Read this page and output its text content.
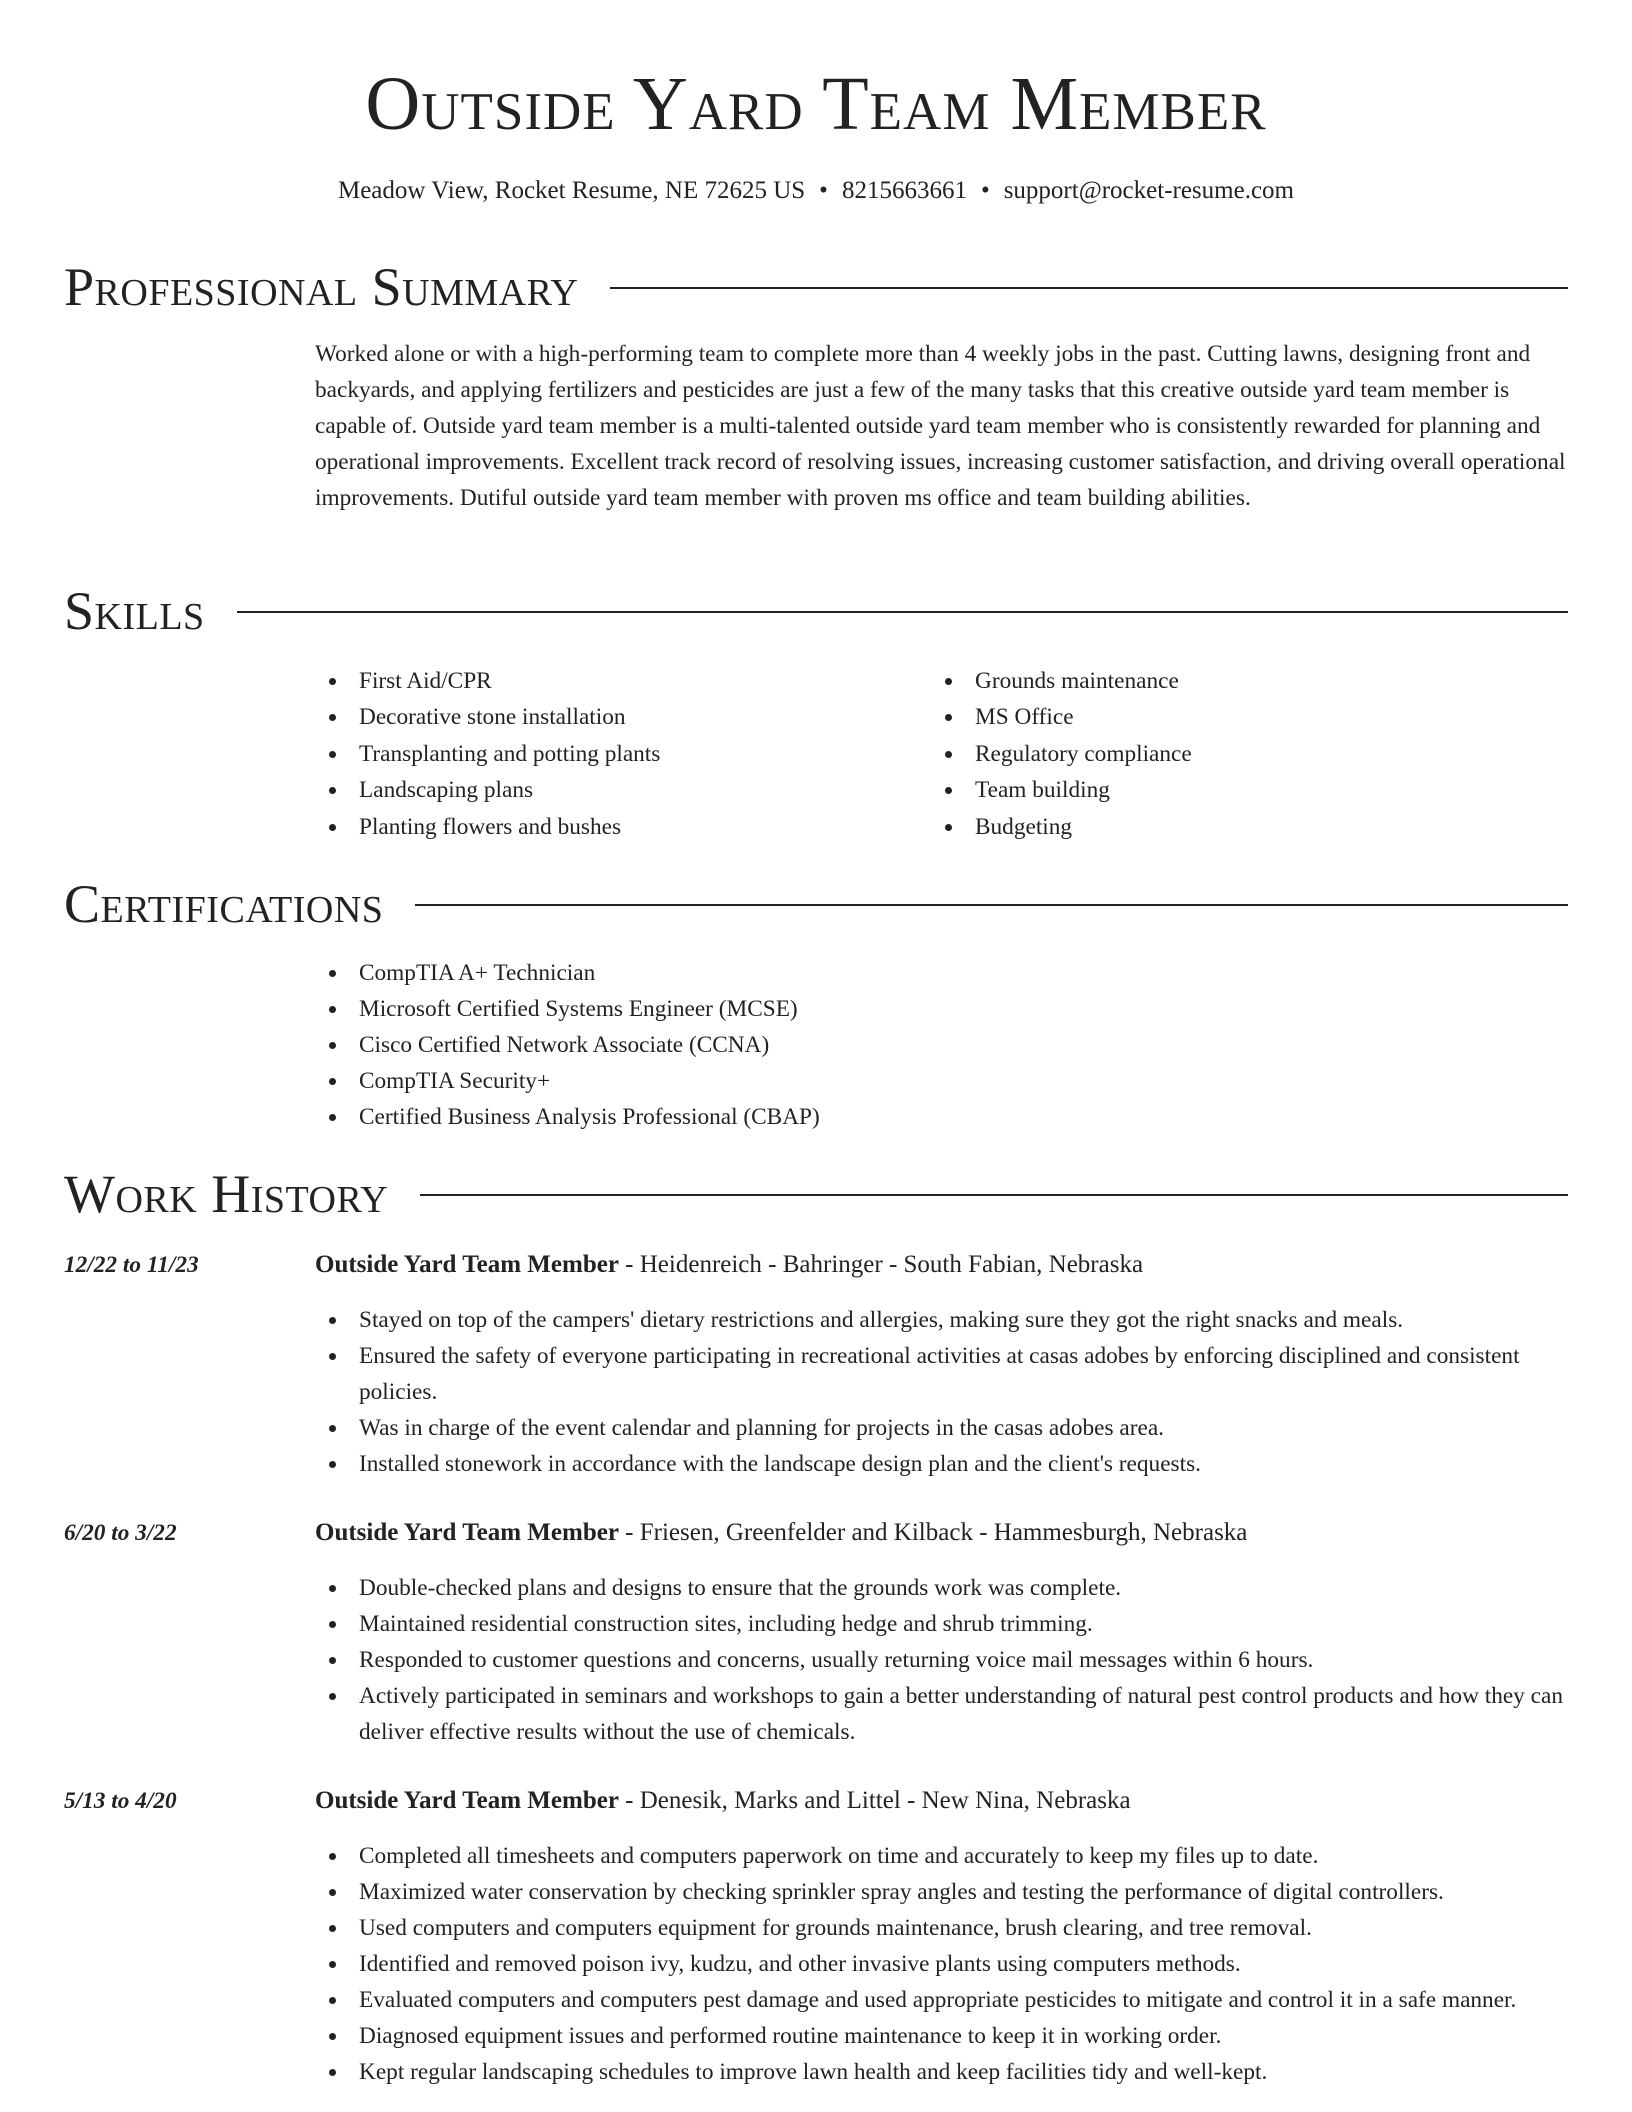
Outside Yard Team Member
Meadow View, Rocket Resume, NE 72625 US • 8215663661 • support@rocket-resume.com
Professional Summary

Worked alone or with a high-performing team to complete more than 4 weekly jobs in the past. Cutting lawns, designing front and backyards, and applying fertilizers and pesticides are just a few of the many tasks that this creative outside yard team member is capable of. Outside yard team member is a multi-talented outside yard team member who is consistently rewarded for planning and operational improvements. Excellent track record of resolving issues, increasing customer satisfaction, and driving overall operational improvements. Dutiful outside yard team member with proven ms office and team building abilities.

Skills
First Aid/CPR
Decorative stone installation
Transplanting and potting plants
Landscaping plans
Planting flowers and bushes
Grounds maintenance
MS Office
Regulatory compliance
Team building
Budgeting
Certifications
CompTIA A+ Technician
Microsoft Certified Systems Engineer (MCSE)
Cisco Certified Network Associate (CCNA)
CompTIA Security+
Certified Business Analysis Professional (CBAP)
Work History
12/22 to 11/23	Outside Yard Team Member - Heidenreich - Bahringer - South Fabian, Nebraska
Stayed on top of the campers' dietary restrictions and allergies, making sure they got the right snacks and meals.
Ensured the safety of everyone participating in recreational activities at casas adobes by enforcing disciplined and consistent policies.
Was in charge of the event calendar and planning for projects in the casas adobes area.
Installed stonework in accordance with the landscape design plan and the client's requests.
6/20 to 3/22	Outside Yard Team Member - Friesen, Greenfelder and Kilback - Hammesburgh, Nebraska
Double-checked plans and designs to ensure that the grounds work was complete.
Maintained residential construction sites, including hedge and shrub trimming.
Responded to customer questions and concerns, usually returning voice mail messages within 6 hours.
Actively participated in seminars and workshops to gain a better understanding of natural pest control products and how they can deliver effective results without the use of chemicals.
5/13 to 4/20	Outside Yard Team Member - Denesik, Marks and Littel - New Nina, Nebraska
Completed all timesheets and computers paperwork on time and accurately to keep my files up to date.
Maximized water conservation by checking sprinkler spray angles and testing the performance of digital controllers.
Used computers and computers equipment for grounds maintenance, brush clearing, and tree removal.
Identified and removed poison ivy, kudzu, and other invasive plants using computers methods.
Evaluated computers and computers pest damage and used appropriate pesticides to mitigate and control it in a safe manner.
Diagnosed equipment issues and performed routine maintenance to keep it in working order.
Kept regular landscaping schedules to improve lawn health and keep facilities tidy and well-kept.
